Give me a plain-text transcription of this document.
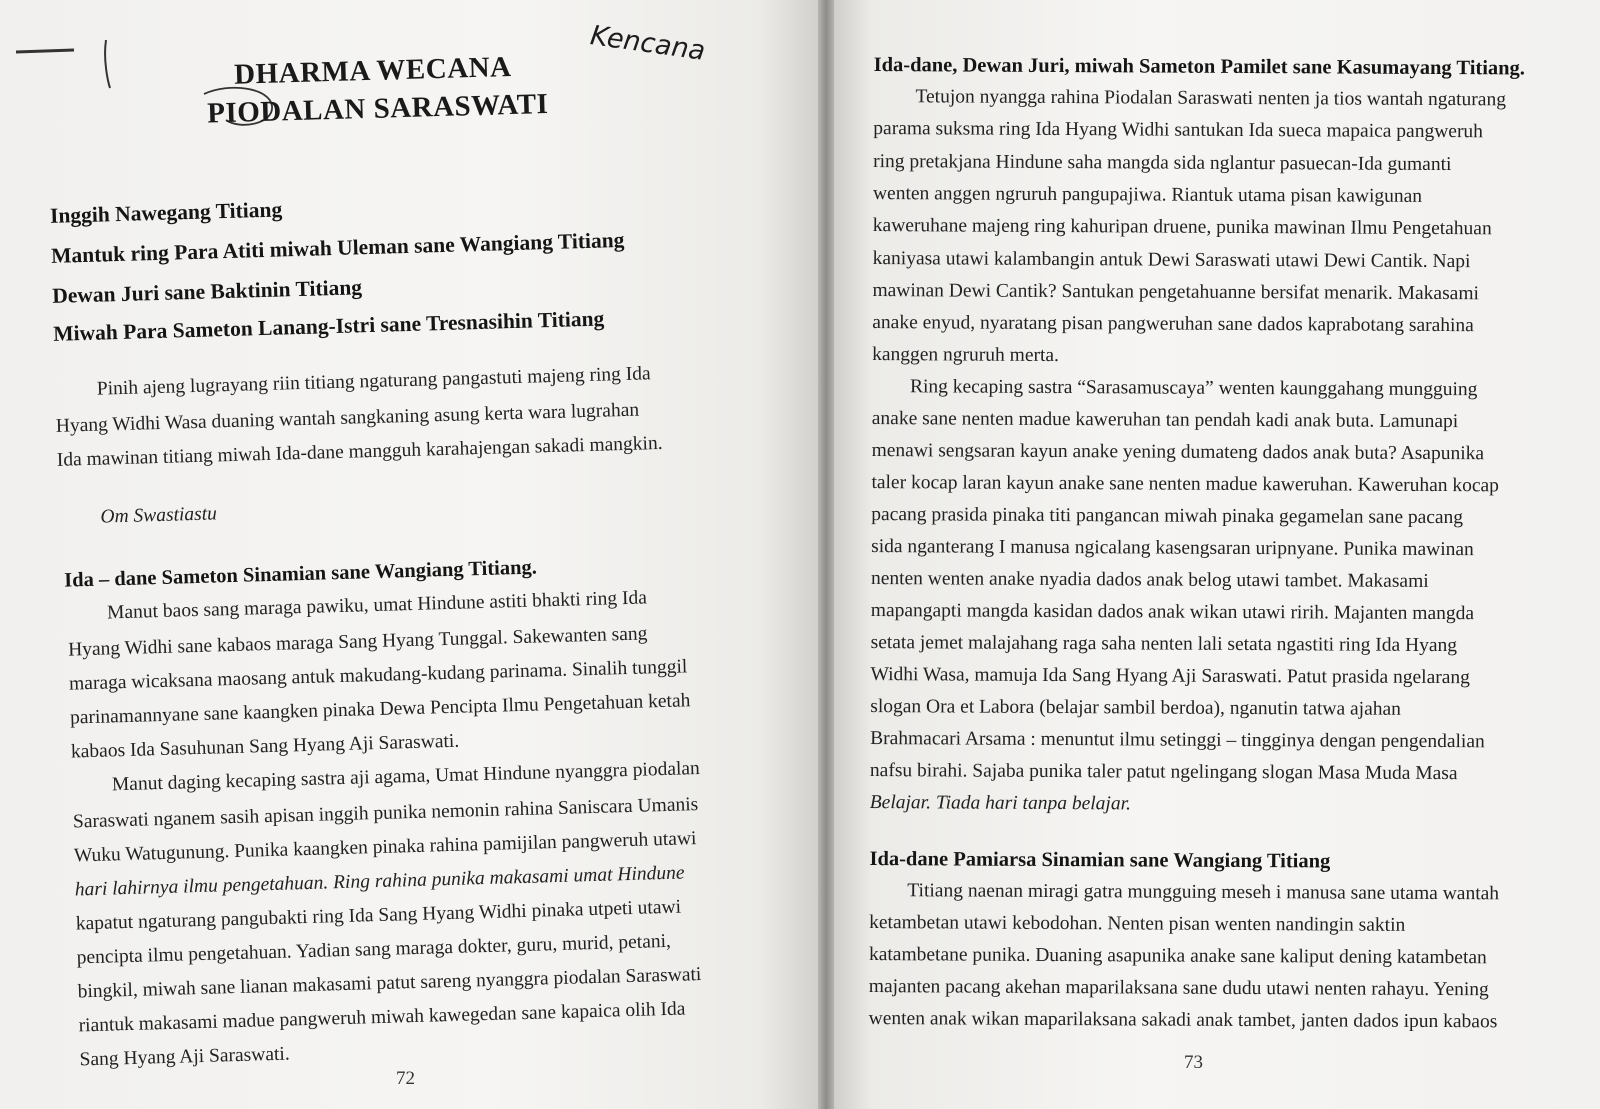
Kencana
DHARMA WECANA
PIODALAN SARASWATI
Inggih Nawegang Titiang
Mantuk ring Para Atiti miwah Uleman sane Wangiang Titiang
Dewan Juri sane Baktinin Titiang
Miwah Para Sameton Lanang-Istri sane Tresnasihin Titiang
Pinih ajeng lugrayang riin titiang ngaturang pangastuti majeng ring Ida
Hyang Widhi Wasa duaning wantah sangkaning asung kerta wara lugrahan
Ida mawinan titiang miwah Ida-dane mangguh karahajengan sakadi mangkin.
Om Swastiastu
Ida – dane Sameton Sinamian sane Wangiang Titiang.
Manut baos sang maraga pawiku, umat Hindune astiti bhakti ring Ida
Hyang Widhi sane kabaos maraga Sang Hyang Tunggal. Sakewanten sang
maraga wicaksana maosang antuk makudang-kudang parinama. Sinalih tunggil
parinamannyane sane kaangken pinaka Dewa Pencipta Ilmu Pengetahuan ketah
kabaos Ida Sasuhunan Sang Hyang Aji Saraswati.
Manut daging kecaping sastra aji agama, Umat Hindune nyanggra piodalan
Saraswati nganem sasih apisan inggih punika nemonin rahina Saniscara Umanis
Wuku Watugunung. Punika kaangken pinaka rahina pamijilan pangweruh utawi
hari lahirnya ilmu pengetahuan. Ring rahina punika makasami umat Hindune
kapatut ngaturang pangubakti ring Ida Sang Hyang Widhi pinaka utpeti utawi
pencipta ilmu pengetahuan. Yadian sang maraga dokter, guru, murid, petani,
bingkil, miwah sane lianan makasami patut sareng nyanggra piodalan Saraswati
riantuk makasami madue pangweruh miwah kawegedan sane kapaica olih Ida
Sang Hyang Aji Saraswati.
72
Ida-dane, Dewan Juri, miwah Sameton Pamilet sane Kasumayang Titiang.
Tetujon nyangga rahina Piodalan Saraswati nenten ja tios wantah ngaturang
parama suksma ring Ida Hyang Widhi santukan Ida sueca mapaica pangweruh
ring pretakjana Hindune saha mangda sida nglantur pasuecan-Ida gumanti
wenten anggen ngruruh pangupajiwa. Riantuk utama pisan kawigunan
kaweruhane majeng ring kahuripan druene, punika mawinan Ilmu Pengetahuan
kaniyasa utawi kalambangin antuk Dewi Saraswati utawi Dewi Cantik. Napi
mawinan Dewi Cantik? Santukan pengetahuanne bersifat menarik. Makasami
anake enyud, nyaratang pisan pangweruhan sane dados kaprabotang sarahina
kanggen ngruruh merta.
Ring kecaping sastra “Sarasamuscaya” wenten kaunggahang mungguing
anake sane nenten madue kaweruhan tan pendah kadi anak buta. Lamunapi
menawi sengsaran kayun anake yening dumateng dados anak buta? Asapunika
taler kocap laran kayun anake sane nenten madue kaweruhan. Kaweruhan kocap
pacang prasida pinaka titi pangancan miwah pinaka gegamelan sane pacang
sida nganterang I manusa ngicalang kasengsaran uripnyane. Punika mawinan
nenten wenten anake nyadia dados anak belog utawi tambet. Makasami
mapangapti mangda kasidan dados anak wikan utawi ririh. Majanten mangda
setata jemet malajahang raga saha nenten lali setata ngastiti ring Ida Hyang
Widhi Wasa, mamuja Ida Sang Hyang Aji Saraswati. Patut prasida ngelarang
slogan Ora et Labora (belajar sambil berdoa), nganutin tatwa ajahan
Brahmacari Arsama : menuntut ilmu setinggi – tingginya dengan pengendalian
nafsu birahi. Sajaba punika taler patut ngelingang slogan Masa Muda Masa
Belajar. Tiada hari tanpa belajar.
Ida-dane Pamiarsa Sinamian sane Wangiang Titiang
Titiang naenan miragi gatra mungguing meseh i manusa sane utama wantah
ketambetan utawi kebodohan. Nenten pisan wenten nandingin saktin
katambetane punika. Duaning asapunika anake sane kaliput dening katambetan
majanten pacang akehan maparilaksana sane dudu utawi nenten rahayu. Yening
wenten anak wikan maparilaksana sakadi anak tambet, janten dados ipun kabaos
73
